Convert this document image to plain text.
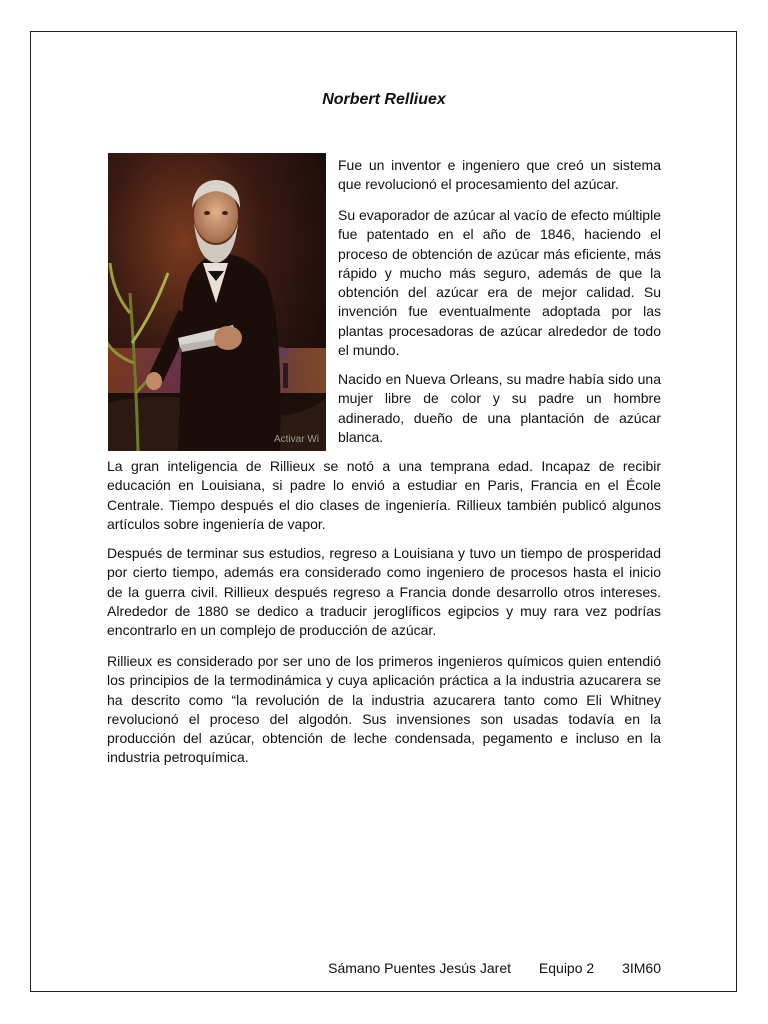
Norbert Relliuex
Activar Wi

Fue un inventor e ingeniero que creó un sistema que revolucionó el procesamiento del azúcar.

Su evaporador de azúcar al vacío de efecto múltiple fue patentado en el año de 1846, haciendo el proceso de obtención de azúcar más eficiente, más rápido y mucho más seguro, además de que la obtención del azúcar era de mejor calidad. Su invención fue eventualmente adoptada por las plantas procesadoras de azúcar alrededor de todo el mundo.

Nacido en Nueva Orleans, su madre había sido una mujer libre de color y su padre un hombre adinerado, dueño de una plantación de azúcar blanca.

La gran inteligencia de Rillieux se notó a una temprana edad. Incapaz de recibir educación en Louisiana, si padre lo envió a estudiar en Paris, Francia en el École Centrale. Tiempo después el dio clases de ingeniería. Rillieux también publicó algunos artículos sobre ingeniería de vapor.

Después de terminar sus estudios, regreso a Louisiana y tuvo un tiempo de prosperidad por cierto tiempo, además era considerado como ingeniero de procesos hasta el inicio de la guerra civil. Rillieux después regreso a Francia donde desarrollo otros intereses. Alrededor de 1880 se dedico a traducir jeroglíficos egipcios y muy rara vez podrías encontrarlo en un complejo de producción de azúcar.

Rillieux es considerado por ser uno de los primeros ingenieros químicos quien entendió los principios de la termodinámica y cuya aplicación práctica a la industria azucarera se ha descrito como “la revolución de la industria azucarera tanto como Eli Whitney revolucionó el proceso del algodón. Sus invensiones son usadas todavía en la producción del azúcar, obtención de leche condensada, pegamento e incluso en la industria petroquímica.

Sámano Puentes Jesús Jaret Equipo 2 3IM60
